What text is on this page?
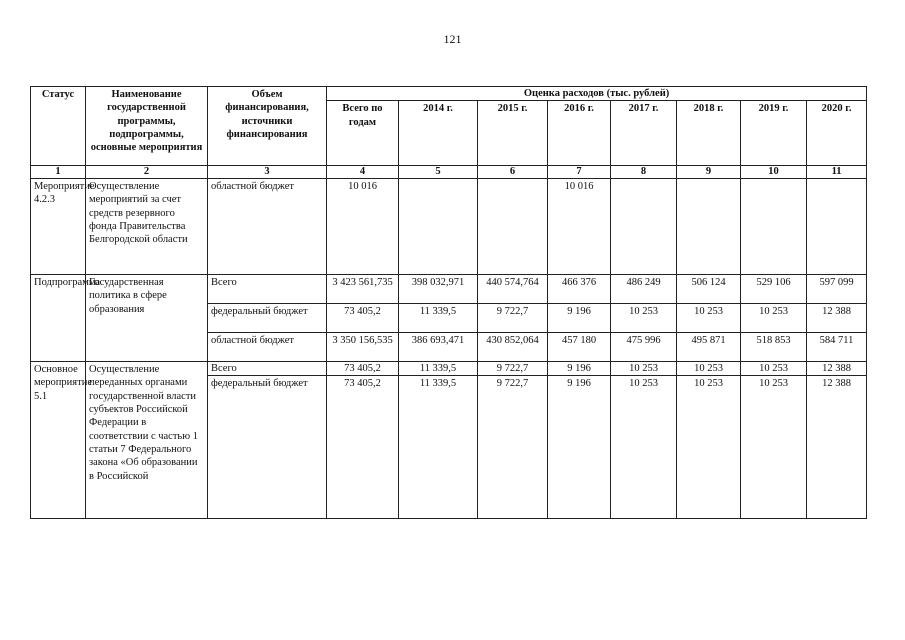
121
Статус	Наименование государственной программы, подпрограммы, основные мероприятия	Объем финансирования, источники финансирования	Оценка расходов (тыс. рублей)							
			Всего по годам	2014 г.	2015 г.	2016 г.	2017 г.	2018 г.	2019 г.	2020 г.
1	2	3	4	5	6	7	8	9	10	11
Мероприятие 4.2.3	Осуществление мероприятий за счет средств резервного фонда Правительства Белгородской области	областной бюджет	10 016			10 016				
Подпрограмма	Государственная политика в сфере образования	Всего	3 423 561,735	398 032,971	440 574,764	466 376	486 249	506 124	529 106	597 099
		федеральный бюджет	73 405,2	11 339,5	9 722,7	9 196	10 253	10 253	10 253	12 388
		областной бюджет	3 350 156,535	386 693,471	430 852,064	457 180	475 996	495 871	518 853	584 711
Основное мероприятие 5.1	Осуществление переданных органами государственной власти субъектов Российской Федерации в соответствии с частью 1 статьи 7 Федерального закона «Об образовании в Российской	Всего	73 405,2	11 339,5	9 722,7	9 196	10 253	10 253	10 253	12 388
		федеральный бюджет	73 405,2	11 339,5	9 722,7	9 196	10 253	10 253	10 253	12 388
